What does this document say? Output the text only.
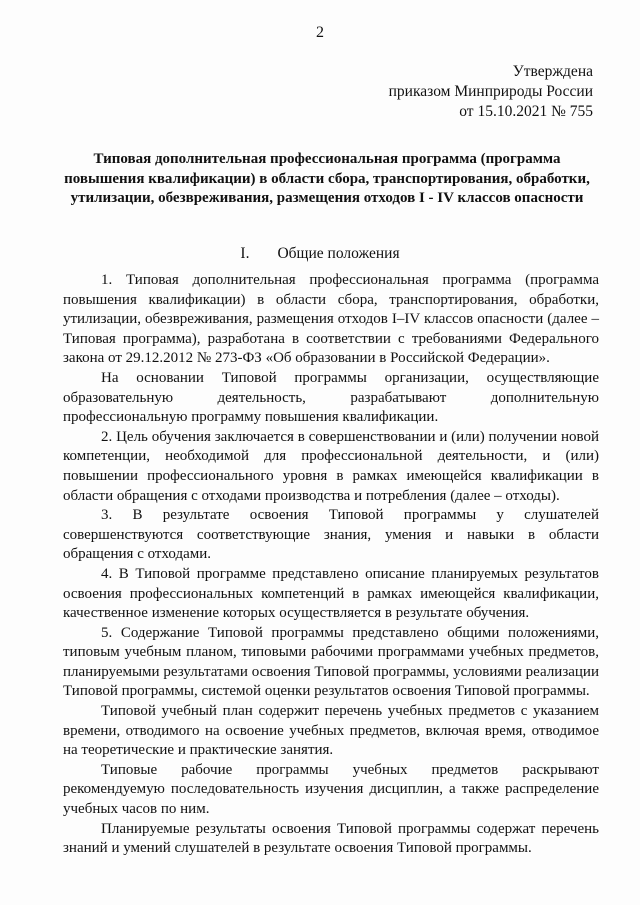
2
Утверждена
приказом Минприроды России
от 15.10.2021 № 755
Типовая дополнительная профессиональная программа (программа повышения квалификации) в области сбора, транспортирования, обработки, утилизации, обезвреживания, размещения отходов I - IV классов опасности
I. Общие положения

1. Типовая дополнительная профессиональная программа (программа повышения квалификации) в области сбора, транспортирования, обработки, утилизации, обезвреживания, размещения отходов I–IV классов опасности (далее – Типовая программа), разработана в соответствии с требованиями Федерального закона от 29.12.2012 № 273-ФЗ «Об образовании в Российской Федерации».

На основании Типовой программы организации, осуществляющие образовательную деятельность, разрабатывают дополнительную профессиональную программу повышения квалификации.

2. Цель обучения заключается в совершенствовании и (или) получении новой компетенции, необходимой для профессиональной деятельности, и (или) повышении профессионального уровня в рамках имеющейся квалификации в области обращения с отходами производства и потребления (далее – отходы).

3. В результате освоения Типовой программы у слушателей совершенствуются соответствующие знания, умения и навыки в области обращения с отходами.

4. В Типовой программе представлено описание планируемых результатов освоения профессиональных компетенций в рамках имеющейся квалификации, качественное изменение которых осуществляется в результате обучения.

5. Содержание Типовой программы представлено общими положениями, типовым учебным планом, типовыми рабочими программами учебных предметов, планируемыми результатами освоения Типовой программы, условиями реализации Типовой программы, системой оценки результатов освоения Типовой программы.

Типовой учебный план содержит перечень учебных предметов с указанием времени, отводимого на освоение учебных предметов, включая время, отводимое на теоретические и практические занятия.

Типовые рабочие программы учебных предметов раскрывают рекомендуемую последовательность изучения дисциплин, а также распределение учебных часов по ним.

Планируемые результаты освоения Типовой программы содержат перечень знаний и умений слушателей в результате освоения Типовой программы.
